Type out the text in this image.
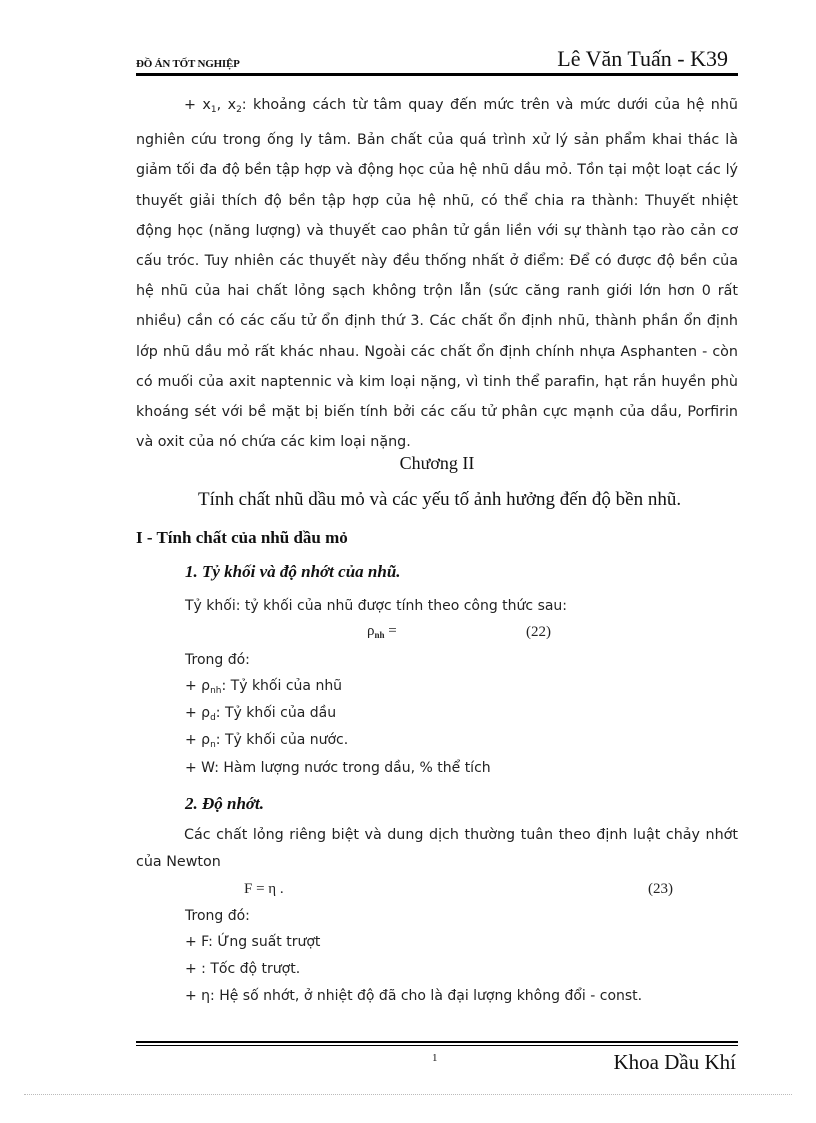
ĐỒ ÁN TỐT NGHIỆP	Lê Văn Tuấn - K39
+ $x_1$, $x_2$: khoảng cách từ tâm quay đến mức trên và mức dưới của hệ nhũ nghiên cứu trong ống ly tâm. Bản chất của quá trình xử lý sản phẩm khai thác là giảm tối đa độ bền tập hợp và động học của hệ nhũ dầu mỏ. Tồn tại một loạt các lý thuyết giải thích độ bền tập hợp của hệ nhũ, có thể chia ra thành: Thuyết nhiệt động học (năng lượng) và thuyết cao phân tử gắn liền với sự thành tạo rào cản cơ cấu tróc. Tuy nhiên các thuyết này đều thống nhất ở điểm: Để có được độ bền của hệ nhũ của hai chất lỏng sạch không trộn lẫn (sức căng ranh giới lớn hơn 0 rất nhiều) cần có các cấu tử ổn định thứ 3. Các chất ổn định nhũ, thành phần ổn định lớp nhũ dầu mỏ rất khác nhau. Ngoài các chất ổn định chính nhựa Asphanten - còn có muối của axit naptennic và kim loại nặng, vì tinh thể parafin, hạt rắn huyền phù khoáng sét với bề mặt bị biến tính bởi các cấu tử phân cực mạnh của dầu, Porfirin và oxit của nó chứa các kim loại nặng.
Chương II
Tính chất nhũ dầu mỏ và các yếu tố ảnh hưởng đến độ bền nhũ.
I - Tính chất của nhũ dầu mỏ
1. Tỷ khối và độ nhớt của nhũ.
Tỷ khối: tỷ khối của nhũ được tính theo công thức sau:
$\rho_{nh}$ =	(22)
Trong đó:
+ $\rho_{nh}$: Tỷ khối của nhũ
+ $\rho_d$: Tỷ khối của dầu
+ $\rho_n$: Tỷ khối của nước.
+ W: Hàm lượng nước trong dầu, % thể tích
2. Độ nhớt.
Các chất lỏng riêng biệt và dung dịch thường tuân theo định luật chảy nhớt của Newton
F = η .	(23)
Trong đó:
+ F: Ứng suất trượt
+ : Tốc độ trượt.
+ η: Hệ số nhớt, ở nhiệt độ đã cho là đại lượng không đổi - const.
1	Khoa Dầu Khí
